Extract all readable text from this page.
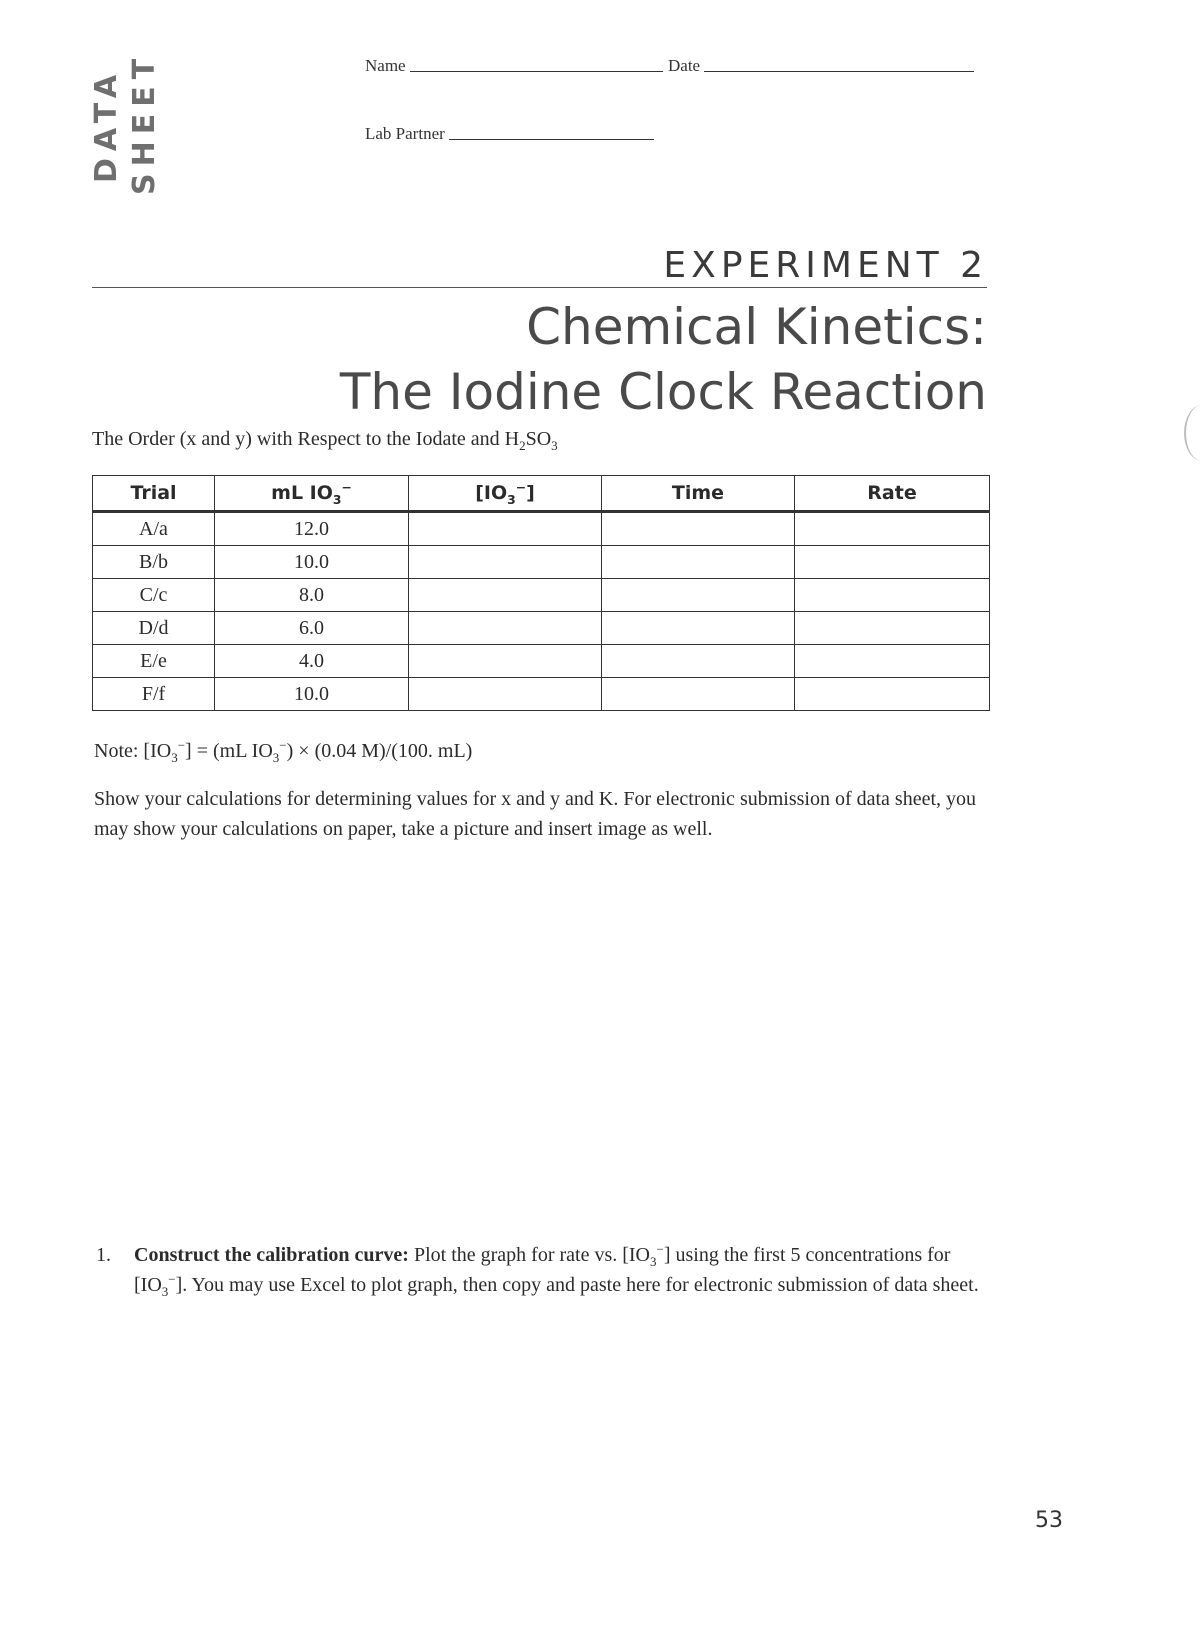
DATA SHEET	Name	Date
Lab Partner
EXPERIMENT 2
Chemical Kinetics:
The Iodine Clock Reaction
The Order (x and y) with Respect to the Iodate and $H_2SO_3$
Trial	mL $IO_3^-$	$[IO_3^-]$	Time	Rate
A/a	12.0			
B/b	10.0			
C/c	8.0			
D/d	6.0			
E/e	4.0			
F/f	10.0			
Note: $[IO_3^-] = (mL$ $IO_3^-) \times (0.04$ M)/(100. mL)
Show your calculations for determining values for x and y and K. For electronic submission of data sheet, you may show your calculations on paper, take a picture and insert image as well.
1. Construct the calibration curve: Plot the graph for rate vs. $[IO_3^-]$ using the first 5 concentrations for $[IO_3^-]$. You may use Excel to plot graph, then copy and paste here for electronic submission of data sheet.
53
